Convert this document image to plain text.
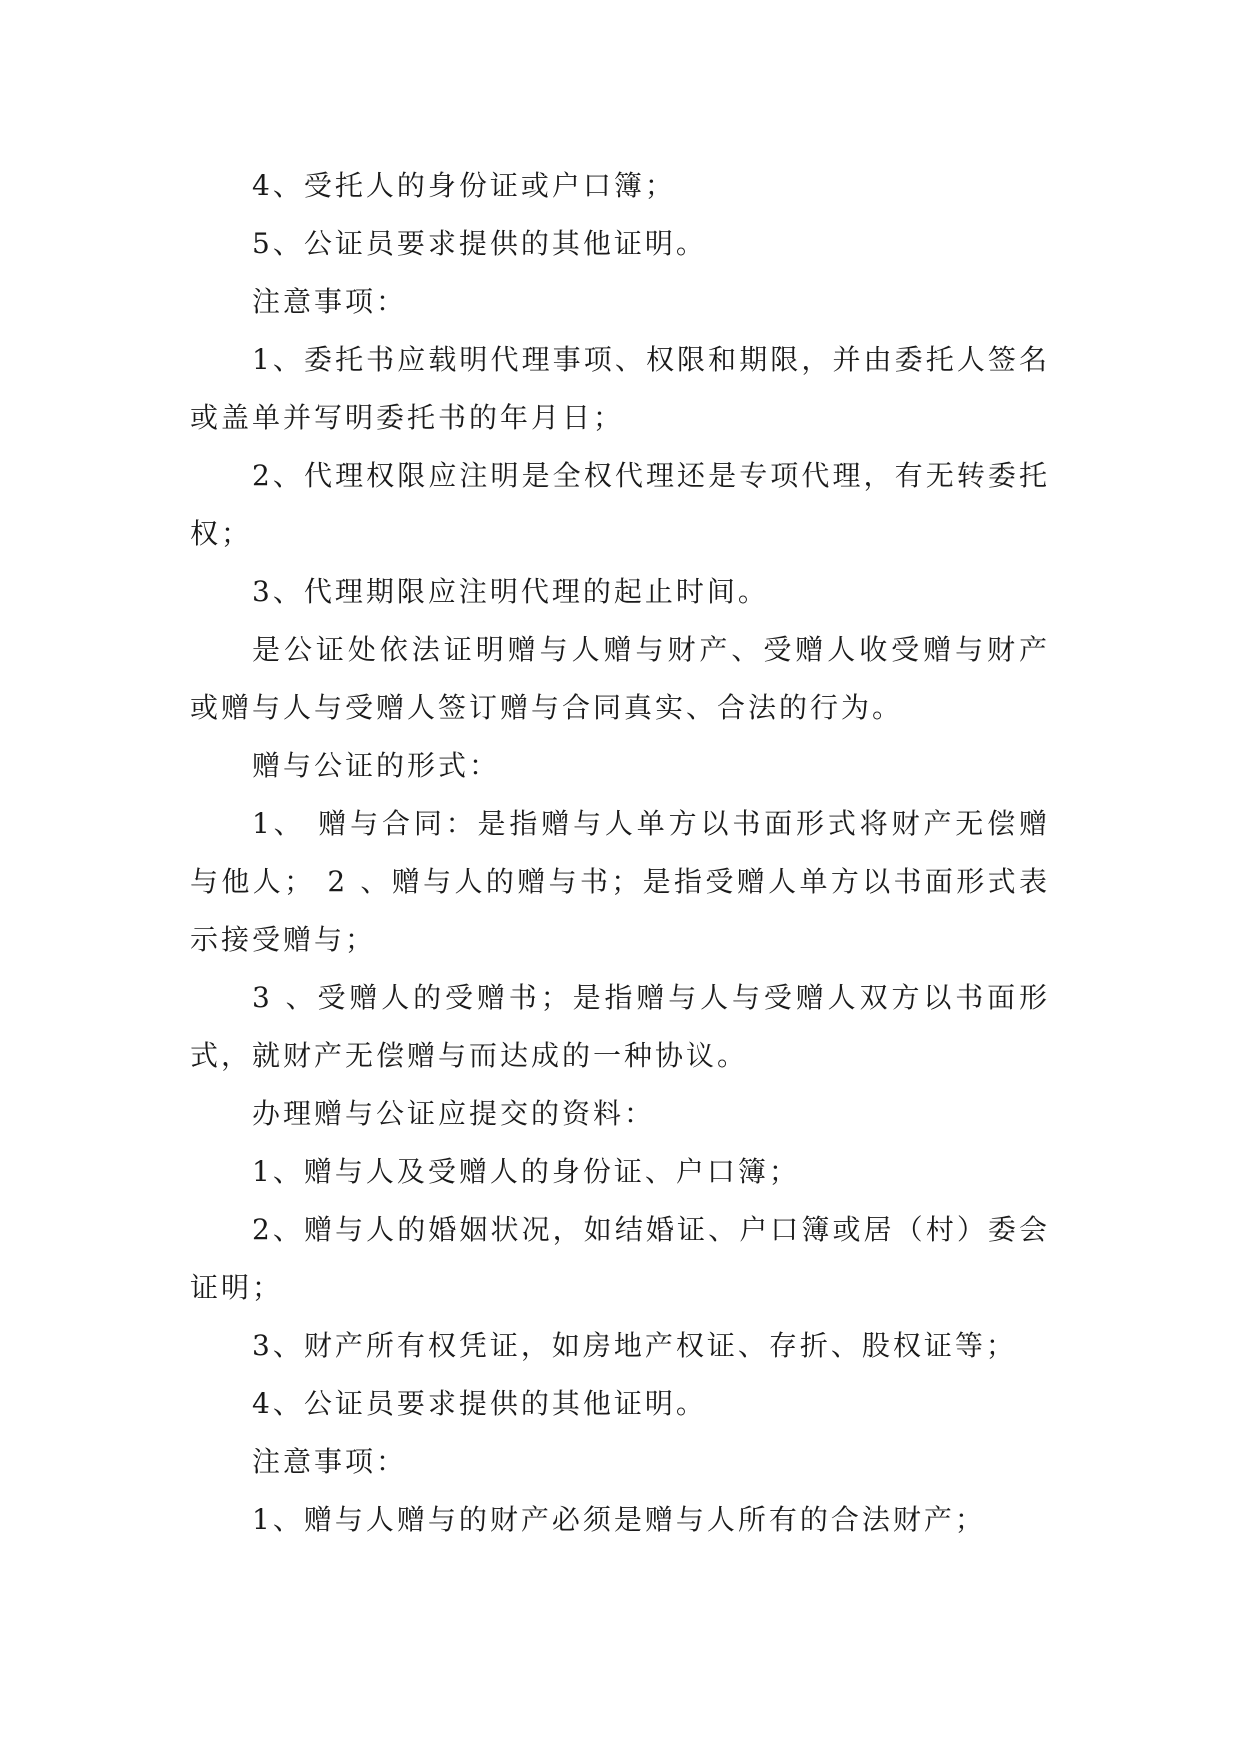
4、受托人的身份证或户口簿；

5、公证员要求提供的其他证明。

注意事项：

1、委托书应载明代理事项、权限和期限，并由委托人签名或盖单并写明委托书的年月日；

2、代理权限应注明是全权代理还是专项代理，有无转委托权；

3、代理期限应注明代理的起止时间。

是公证处依法证明赠与人赠与财产、受赠人收受赠与财产或赠与人与受赠人签订赠与合同真实、合法的行为。

赠与公证的形式：

1、 赠与合同：是指赠与人单方以书面形式将财产无偿赠与他人； 2 、赠与人的赠与书；是指受赠人单方以书面形式表示接受赠与；

3 、受赠人的受赠书；是指赠与人与受赠人双方以书面形式，就财产无偿赠与而达成的一种协议。

办理赠与公证应提交的资料：

1、赠与人及受赠人的身份证、户口簿；

2、赠与人的婚姻状况，如结婚证、户口簿或居（村）委会证明；

3、财产所有权凭证，如房地产权证、存折、股权证等；

4、公证员要求提供的其他证明。

注意事项：

1、赠与人赠与的财产必须是赠与人所有的合法财产；
